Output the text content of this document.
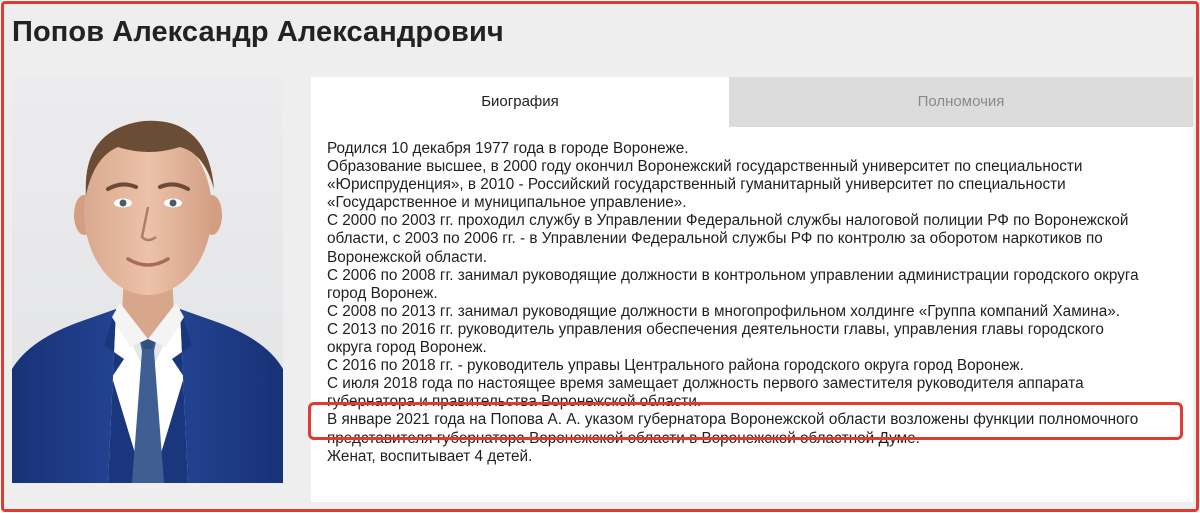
Попов Александр Александрович
Биография	Полномочия
Родился 10 декабря 1977 года в городе Воронеже.
Образование высшее, в 2000 году окончил Воронежский государственный университет по специальности
«Юриспруденция», в 2010 - Российский государственный гуманитарный университет по специальности
«Государственное и муниципальное управление».
С 2000 по 2003 гг. проходил службу в Управлении Федеральной службы налоговой полиции РФ по Воронежской
области, с 2003 по 2006 гг. - в Управлении Федеральной службы РФ по контролю за оборотом наркотиков по
Воронежской области.
С 2006 по 2008 гг. занимал руководящие должности в контрольном управлении администрации городского округа
город Воронеж.
С 2008 по 2013 гг. занимал руководящие должности в многопрофильном холдинге «Группа компаний Хамина».
С 2013 по 2016 гг. руководитель управления обеспечения деятельности главы, управления главы городского
округа город Воронеж.
С 2016 по 2018 гг. - руководитель управы Центрального района городского округа город Воронеж.
С июля 2018 года по настоящее время замещает должность первого заместителя руководителя аппарата
губернатора и правительства Воронежской области.
В январе 2021 года на Попова А. А. указом губернатора Воронежской области возложены функции полномочного
представителя губернатора Воронежской области в Воронежской областной Думе.
Женат, воспитывает 4 детей.
